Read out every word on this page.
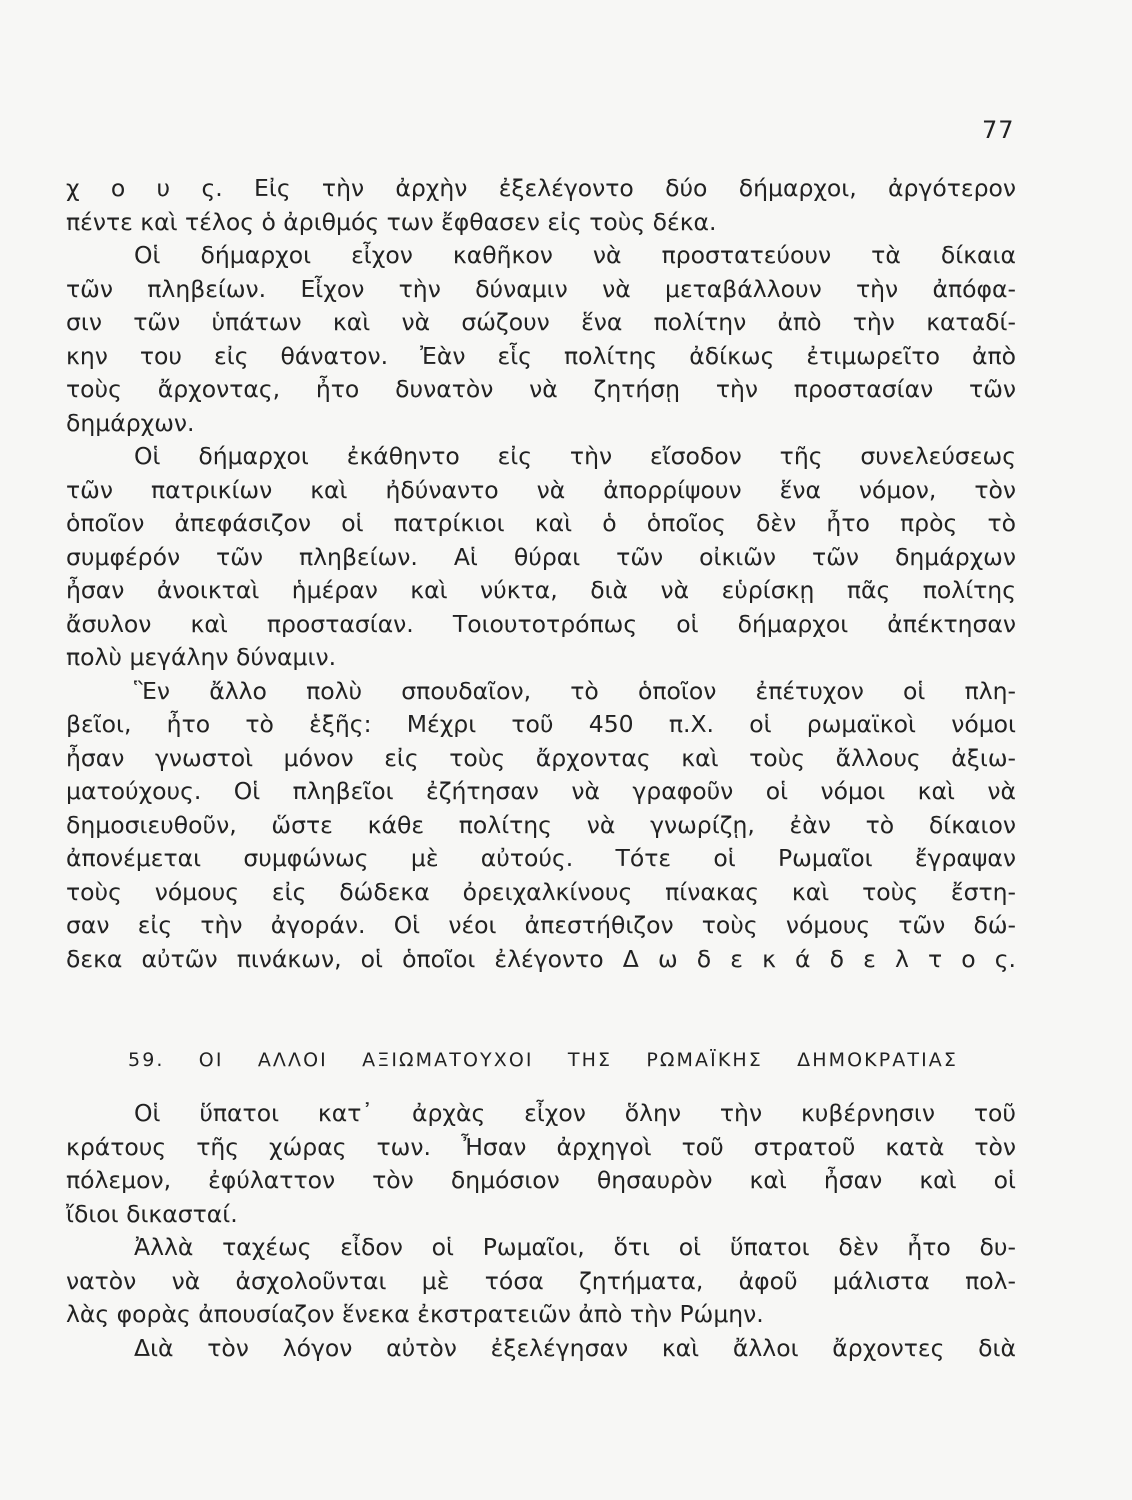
77
χ ο υ ς. Εἰς τὴν ἀρχὴν ἐξελέγοντο δύο δήμαρχοι, ἀργότερον
πέντε καὶ τέλος ὁ ἀριθμός των ἔφθασεν εἰς τοὺς δέκα.
Οἱ δήμαρχοι εἶχον καθῆκον νὰ προστατεύουν τὰ δίκαια
τῶν πληβείων. Εἶχον τὴν δύναμιν νὰ μεταβάλλουν τὴν ἀπόφα-
σιν τῶν ὑπάτων καὶ νὰ σώζουν ἕνα πολίτην ἀπὸ τὴν καταδί-
κην του εἰς θάνατον. Ἐὰν εἷς πολίτης ἀδίκως ἐτιμωρεῖτο ἀπὸ
τοὺς ἄρχοντας, ἦτο δυνατὸν νὰ ζητήσῃ τὴν προστασίαν τῶν
δημάρχων.
Οἱ δήμαρχοι ἐκάθηντο εἰς τὴν εἴσοδον τῆς συνελεύσεως
τῶν πατρικίων καὶ ἠδύναντο νὰ ἀπορρίψουν ἕνα νόμον, τὸν
ὁποῖον ἀπεφάσιζον οἱ πατρίκιοι καὶ ὁ ὁποῖος δὲν ἦτο πρὸς τὸ
συμφέρόν τῶν πληβείων. Αἱ θύραι τῶν οἰκιῶν τῶν δημάρχων
ἦσαν ἀνοικταὶ ἡμέραν καὶ νύκτα, διὰ νὰ εὑρίσκῃ πᾶς πολίτης
ἄσυλον καὶ προστασίαν. Τοιουτοτρόπως οἱ δήμαρχοι ἀπέκτησαν
πολὺ μεγάλην δύναμιν.
Ἓν ἄλλο πολὺ σπουδαῖον, τὸ ὁποῖον ἐπέτυχον οἱ πλη-
βεῖοι, ἦτο τὸ ἑξῆς: Μέχρι τοῦ 450 π.Χ. οἱ ρωμαϊκοὶ νόμοι
ἦσαν γνωστοὶ μόνον εἰς τοὺς ἄρχοντας καὶ τοὺς ἄλλους ἀξιω-
ματούχους. Οἱ πληβεῖοι ἐζήτησαν νὰ γραφοῦν οἱ νόμοι καὶ νὰ
δημοσιευθοῦν, ὥστε κάθε πολίτης νὰ γνωρίζῃ, ἐὰν τὸ δίκαιον
ἀπονέμεται συμφώνως μὲ αὐτούς. Τότε οἱ Ρωμαῖοι ἔγραψαν
τοὺς νόμους εἰς δώδεκα ὀρειχαλκίνους πίνακας καὶ τοὺς ἔστη-
σαν εἰς τὴν ἀγοράν. Οἱ νέοι ἀπεστήθιζον τοὺς νόμους τῶν δώ-
δεκα αὐτῶν πινάκων, οἱ ὁποῖοι ἐλέγοντο Δ ω δ ε κ ά δ ε λ τ ο ς.
59. ΟΙ ΑΛΛΟΙ ΑΞΙΩΜΑΤΟΥΧΟΙ ΤΗΣ ΡΩΜΑΪΚΗΣ ΔΗΜΟΚΡΑΤΙΑΣ
Οἱ ὕπατοι κατ᾽ ἀρχὰς εἶχον ὅλην τὴν κυβέρνησιν τοῦ
κράτους τῆς χώρας των. Ἦσαν ἀρχηγοὶ τοῦ στρατοῦ κατὰ τὸν
πόλεμον, ἐφύλαττον τὸν δημόσιον θησαυρὸν καὶ ἦσαν καὶ οἱ
ἴδιοι δικασταί.
Ἀλλὰ ταχέως εἶδον οἱ Ρωμαῖοι, ὅτι οἱ ὕπατοι δὲν ἦτο δυ-
νατὸν νὰ ἀσχολοῦνται μὲ τόσα ζητήματα, ἀφοῦ μάλιστα πολ-
λὰς φορὰς ἀπουσίαζον ἕνεκα ἐκστρατειῶν ἀπὸ τὴν Ρώμην.
Διὰ τὸν λόγον αὐτὸν ἐξελέγησαν καὶ ἄλλοι ἄρχοντες διὰ
